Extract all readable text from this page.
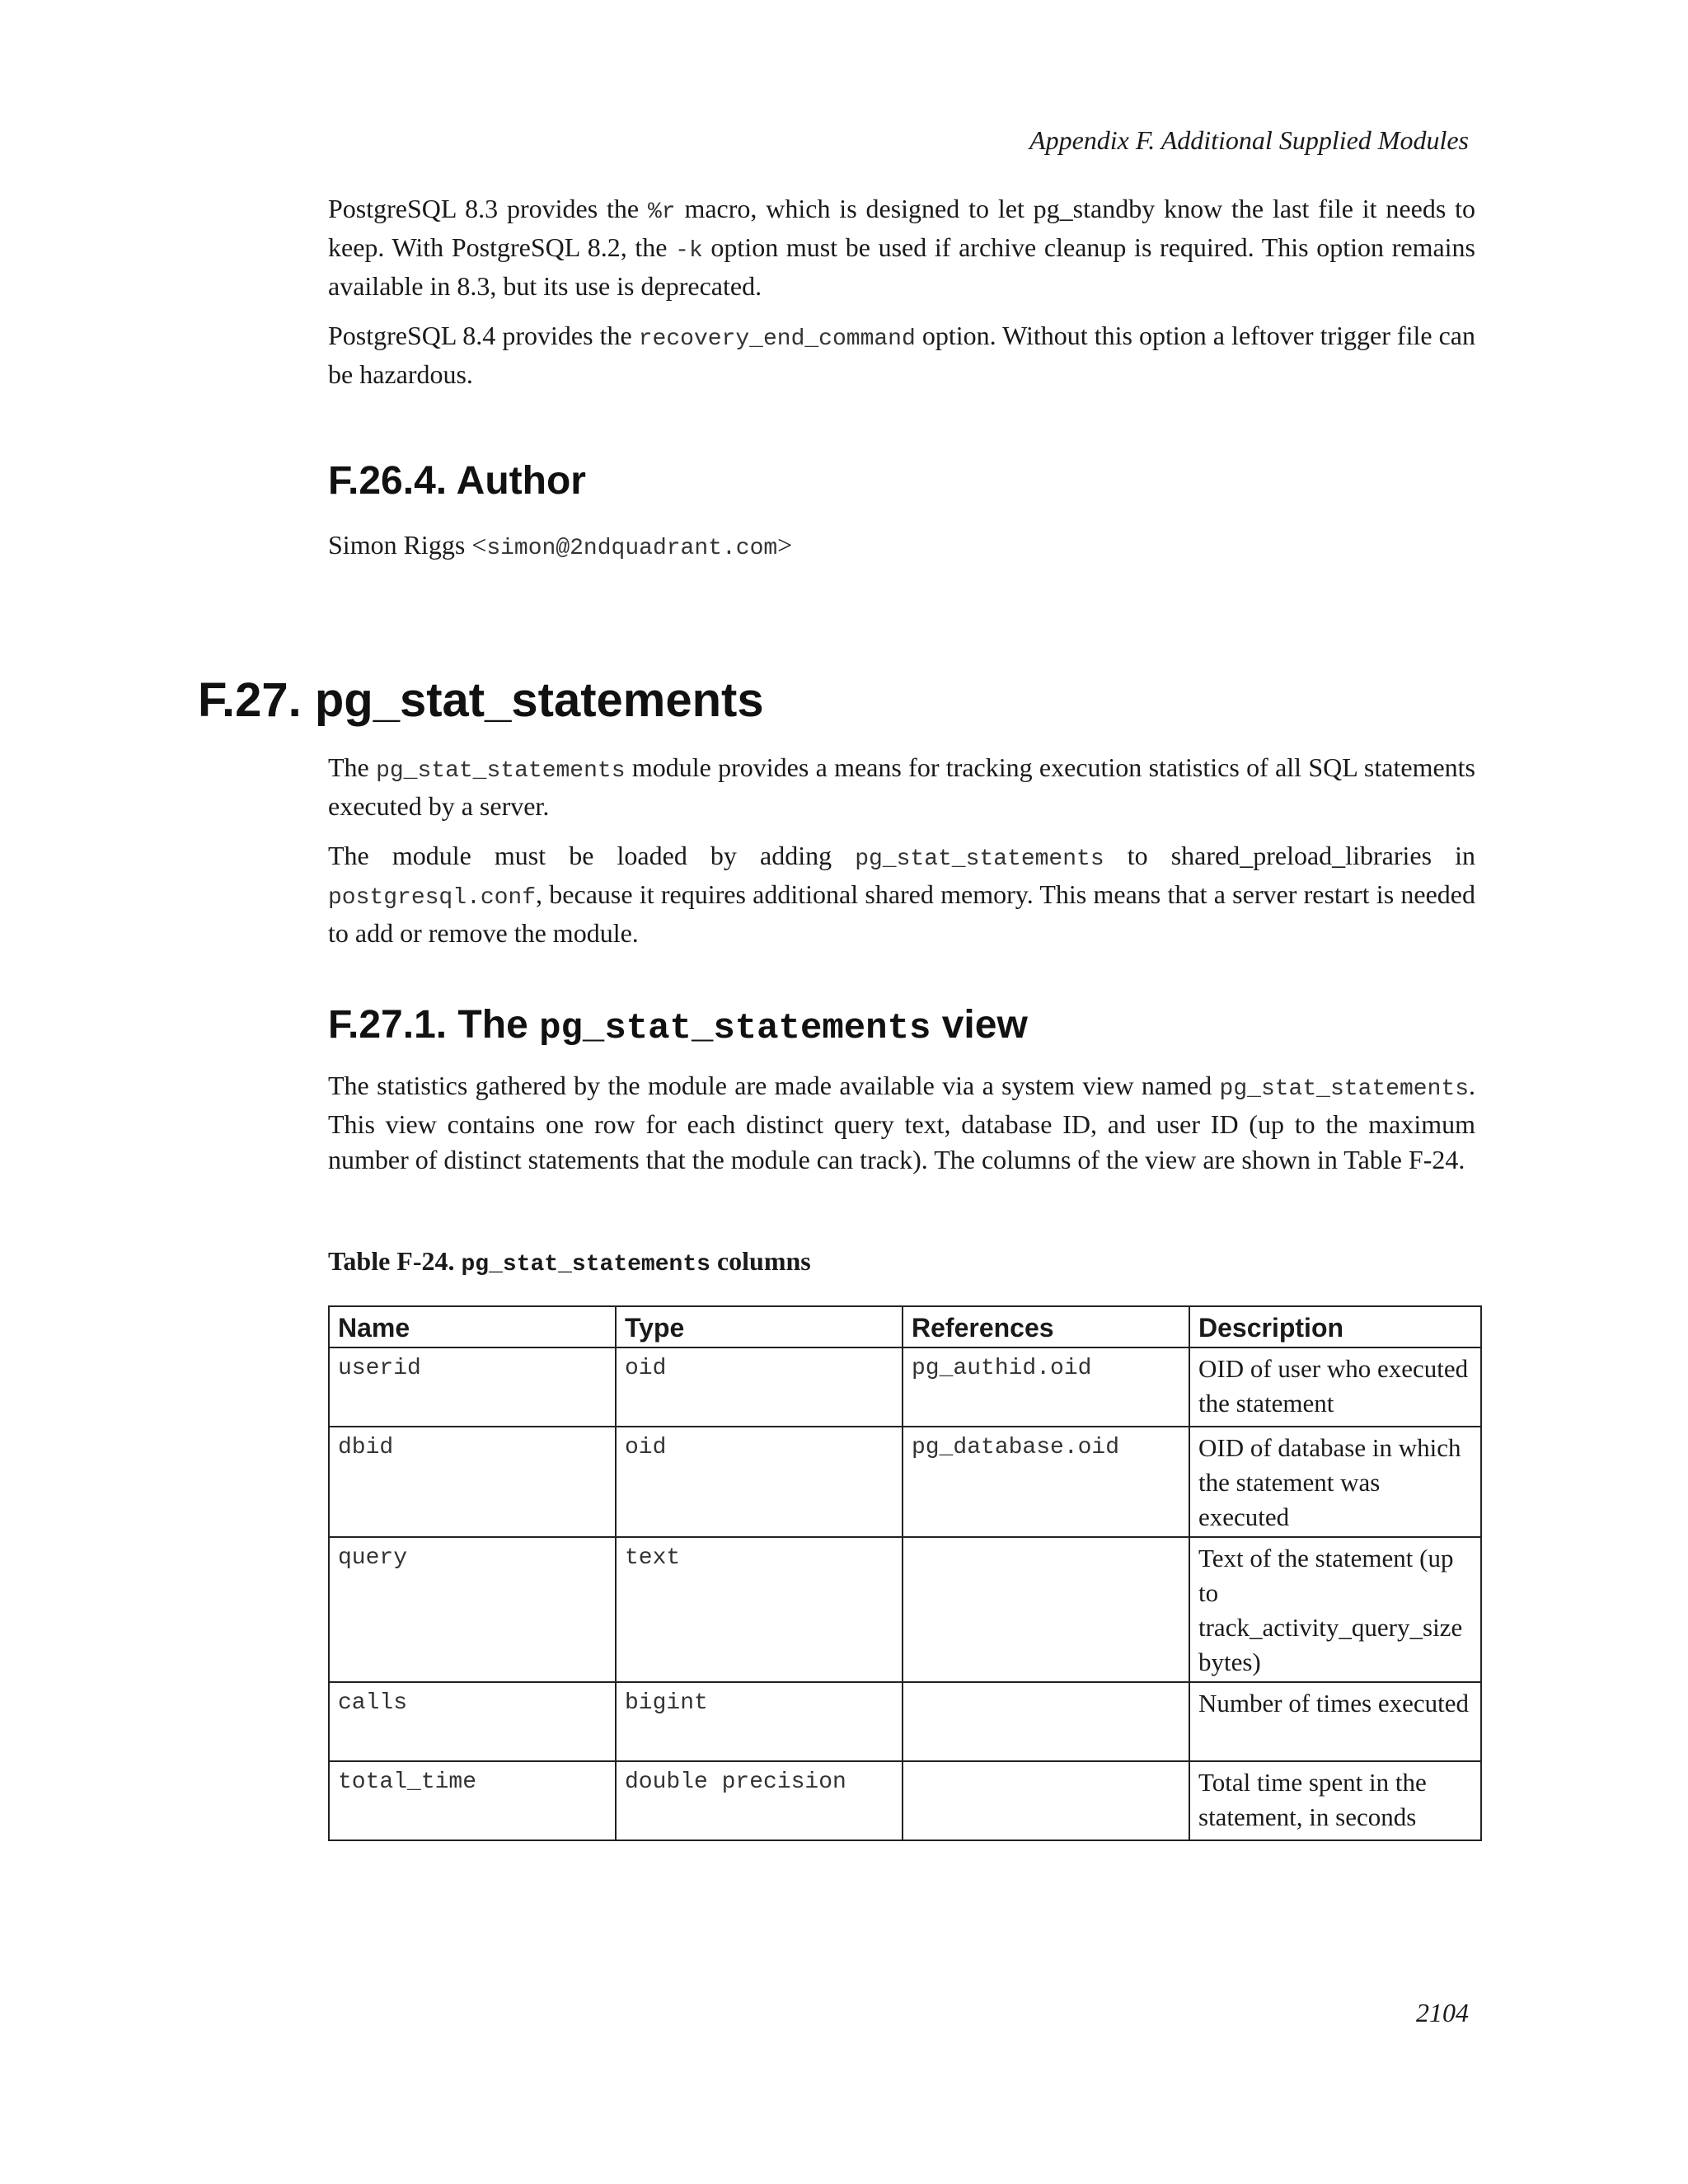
Appendix F. Additional Supplied Modules

PostgreSQL 8.3 provides the %r macro, which is designed to let pg_standby know the last file it needs to keep. With PostgreSQL 8.2, the -k option must be used if archive cleanup is required. This option remains available in 8.3, but its use is deprecated.

PostgreSQL 8.4 provides the recovery_end_command option. Without this option a leftover trigger file can be hazardous.

F.26.4. Author

Simon Riggs <simon@2ndquadrant.com>

F.27. pg_stat_statements

The pg_stat_statements module provides a means for tracking execution statistics of all SQL statements executed by a server.

The module must be loaded by adding pg_stat_statements to shared_preload_libraries in postgresql.conf, because it requires additional shared memory. This means that a server restart is needed to add or remove the module.

F.27.1. The pg_stat_statements view

The statistics gathered by the module are made available via a system view named pg_stat_statements. This view contains one row for each distinct query text, database ID, and user ID (up to the maximum number of distinct statements that the module can track). The columns of the view are shown in Table F-24.

Table F-24. pg_stat_statements columns
Name	Type	References	Description
userid	oid	pg_authid.oid	OID of user who executed the statement
dbid	oid	pg_database.oid	OID of database in which the statement was executed
query	text		Text of the statement (up to track_activity_query_size bytes)
calls	bigint		Number of times executed
total_time	double precision		Total time spent in the statement, in seconds
2104
